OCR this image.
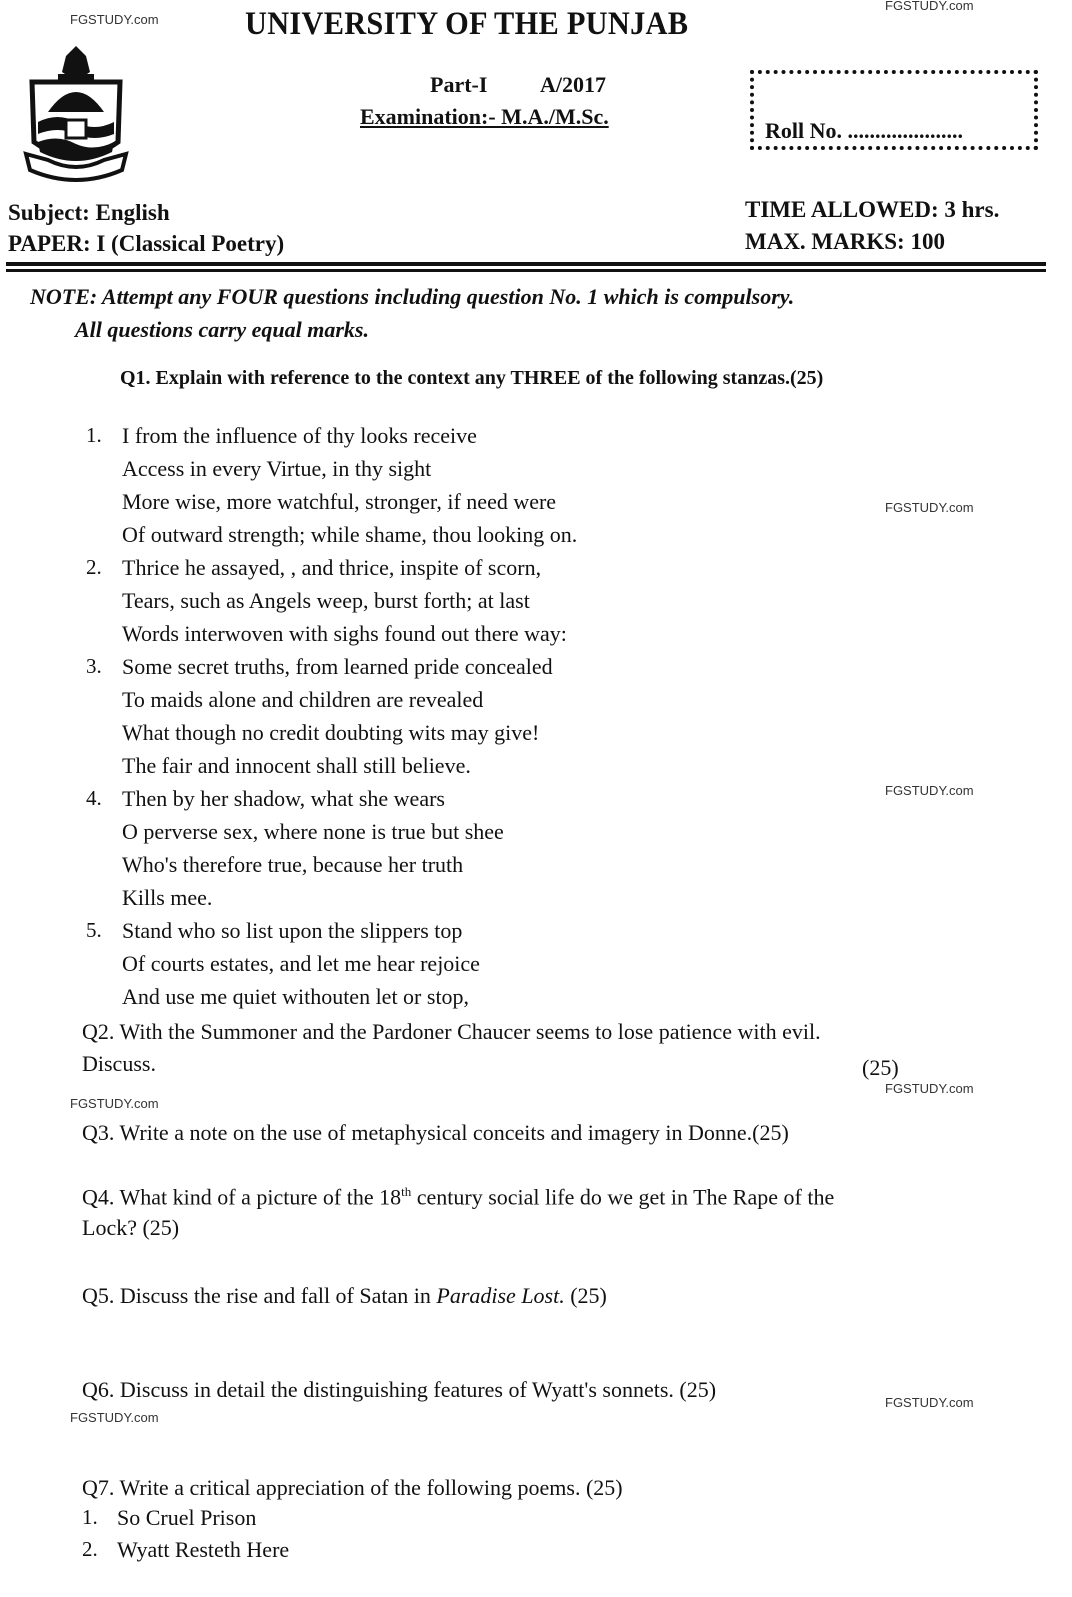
FGSTUDY.com
FGSTUDY.com
FGSTUDY.com
FGSTUDY.com
FGSTUDY.com
FGSTUDY.com
FGSTUDY.com
FGSTUDY.com
UNIVERSITY OF THE PUNJAB
Part-I A/2017
Examination:- M.A./M.Sc.
Roll No. .....................
Subject: English
PAPER: I (Classical Poetry)
TIME ALLOWED: 3 hrs.
MAX. MARKS: 100
NOTE: Attempt any FOUR questions including question No. 1 which is compulsory.
All questions carry equal marks.
Q1. Explain with reference to the context any THREE of the following stanzas.(25)
1. I from the influence of thy looks receive
Access in every Virtue, in thy sight
More wise, more watchful, stronger, if need were
Of outward strength; while shame, thou looking on.
2. Thrice he assayed, , and thrice, inspite of scorn,
Tears, such as Angels weep, burst forth; at last
Words interwoven with sighs found out there way:
3. Some secret truths, from learned pride concealed
To maids alone and children are revealed
What though no credit doubting wits may give!
The fair and innocent shall still believe.
4. Then by her shadow, what she wears
O perverse sex, where none is true but shee
Who's therefore true, because her truth
Kills mee.
5. Stand who so list upon the slippers top
Of courts estates, and let me hear rejoice
And use me quiet withouten let or stop,
Q2. With the Summoner and the Pardoner Chaucer seems to lose patience with evil.
Discuss.	(25)
Q3. Write a note on the use of metaphysical conceits and imagery in Donne.(25)
Q4. What kind of a picture of the 18th century social life do we get in The Rape of the
Lock? (25)
Q5. Discuss the rise and fall of Satan in Paradise Lost. (25)
Q6. Discuss in detail the distinguishing features of Wyatt's sonnets. (25)
Q7. Write a critical appreciation of the following poems. (25)
1. So Cruel Prison
2. Wyatt Resteth Here
